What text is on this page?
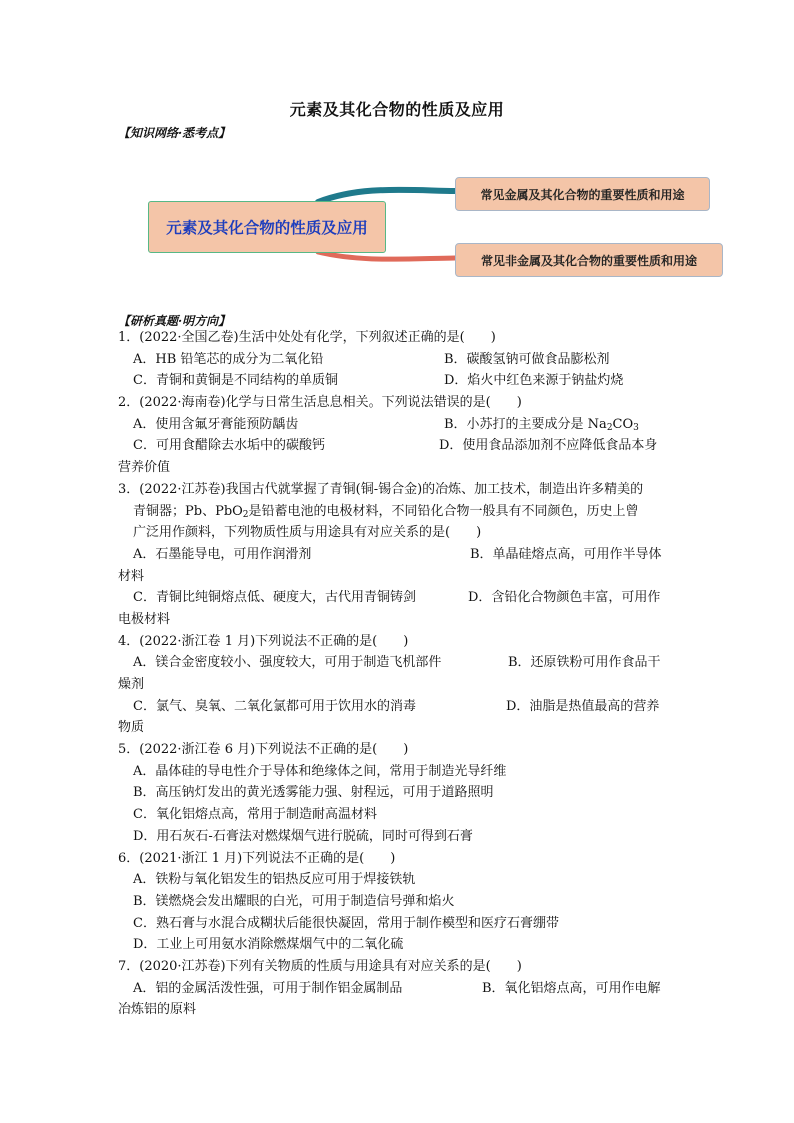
元素及其化合物的性质及应用
【知识网络·悉考点】
元素及其化合物的性质及应用
常见金属及其化合物的重要性质和用途
常见非金属及其化合物的重要性质和用途
【研析真题·明方向】
1．(2022·全国乙卷)生活中处处有化学，下列叙述正确的是(　　)
A．HB 铅笔芯的成分为二氧化铅	B．碳酸氢钠可做食品膨松剂
C．青铜和黄铜是不同结构的单质铜	D．焰火中红色来源于钠盐灼烧
2．(2022·海南卷)化学与日常生活息息相关。下列说法错误的是(　　)
A．使用含氟牙膏能预防龋齿	B．小苏打的主要成分是 $Na_2CO_3$
C．可用食醋除去水垢中的碳酸钙	D．使用食品添加剂不应降低食品本身
营养价值
3．(2022·江苏卷)我国古代就掌握了青铜(铜-锡合金)的冶炼、加工技术，制造出许多精美的
青铜器；Pb、PbO$_2$是铅蓄电池的电极材料，不同铅化合物一般具有不同颜色，历史上曾
广泛用作颜料，下列物质性质与用途具有对应关系的是(　　)
A．石墨能导电，可用作润滑剂	B．单晶硅熔点高，可用作半导体
材料
C．青铜比纯铜熔点低、硬度大，古代用青铜铸剑	D．含铅化合物颜色丰富，可用作
电极材料
4．(2022·浙江卷 1 月)下列说法不正确的是(　　)
A．镁合金密度较小、强度较大，可用于制造飞机部件	B．还原铁粉可用作食品干
燥剂
C．氯气、臭氧、二氧化氯都可用于饮用水的消毒	D．油脂是热值最高的营养
物质
5．(2022·浙江卷 6 月)下列说法不正确的是(　　)
A．晶体硅的导电性介于导体和绝缘体之间，常用于制造光导纤维
B．高压钠灯发出的黄光透雾能力强、射程远，可用于道路照明
C．氧化铝熔点高，常用于制造耐高温材料
D．用石灰石-石膏法对燃煤烟气进行脱硫，同时可得到石膏
6．(2021·浙江 1 月)下列说法不正确的是(　　)
A．铁粉与氧化铝发生的铝热反应可用于焊接铁轨
B．镁燃烧会发出耀眼的白光，可用于制造信号弹和焰火
C．熟石膏与水混合成糊状后能很快凝固，常用于制作模型和医疗石膏绷带
D．工业上可用氨水消除燃煤烟气中的二氧化硫
7．(2020·江苏卷)下列有关物质的性质与用途具有对应关系的是(　　)
A．铝的金属活泼性强，可用于制作铝金属制品	B．氧化铝熔点高，可用作电解
冶炼铝的原料
